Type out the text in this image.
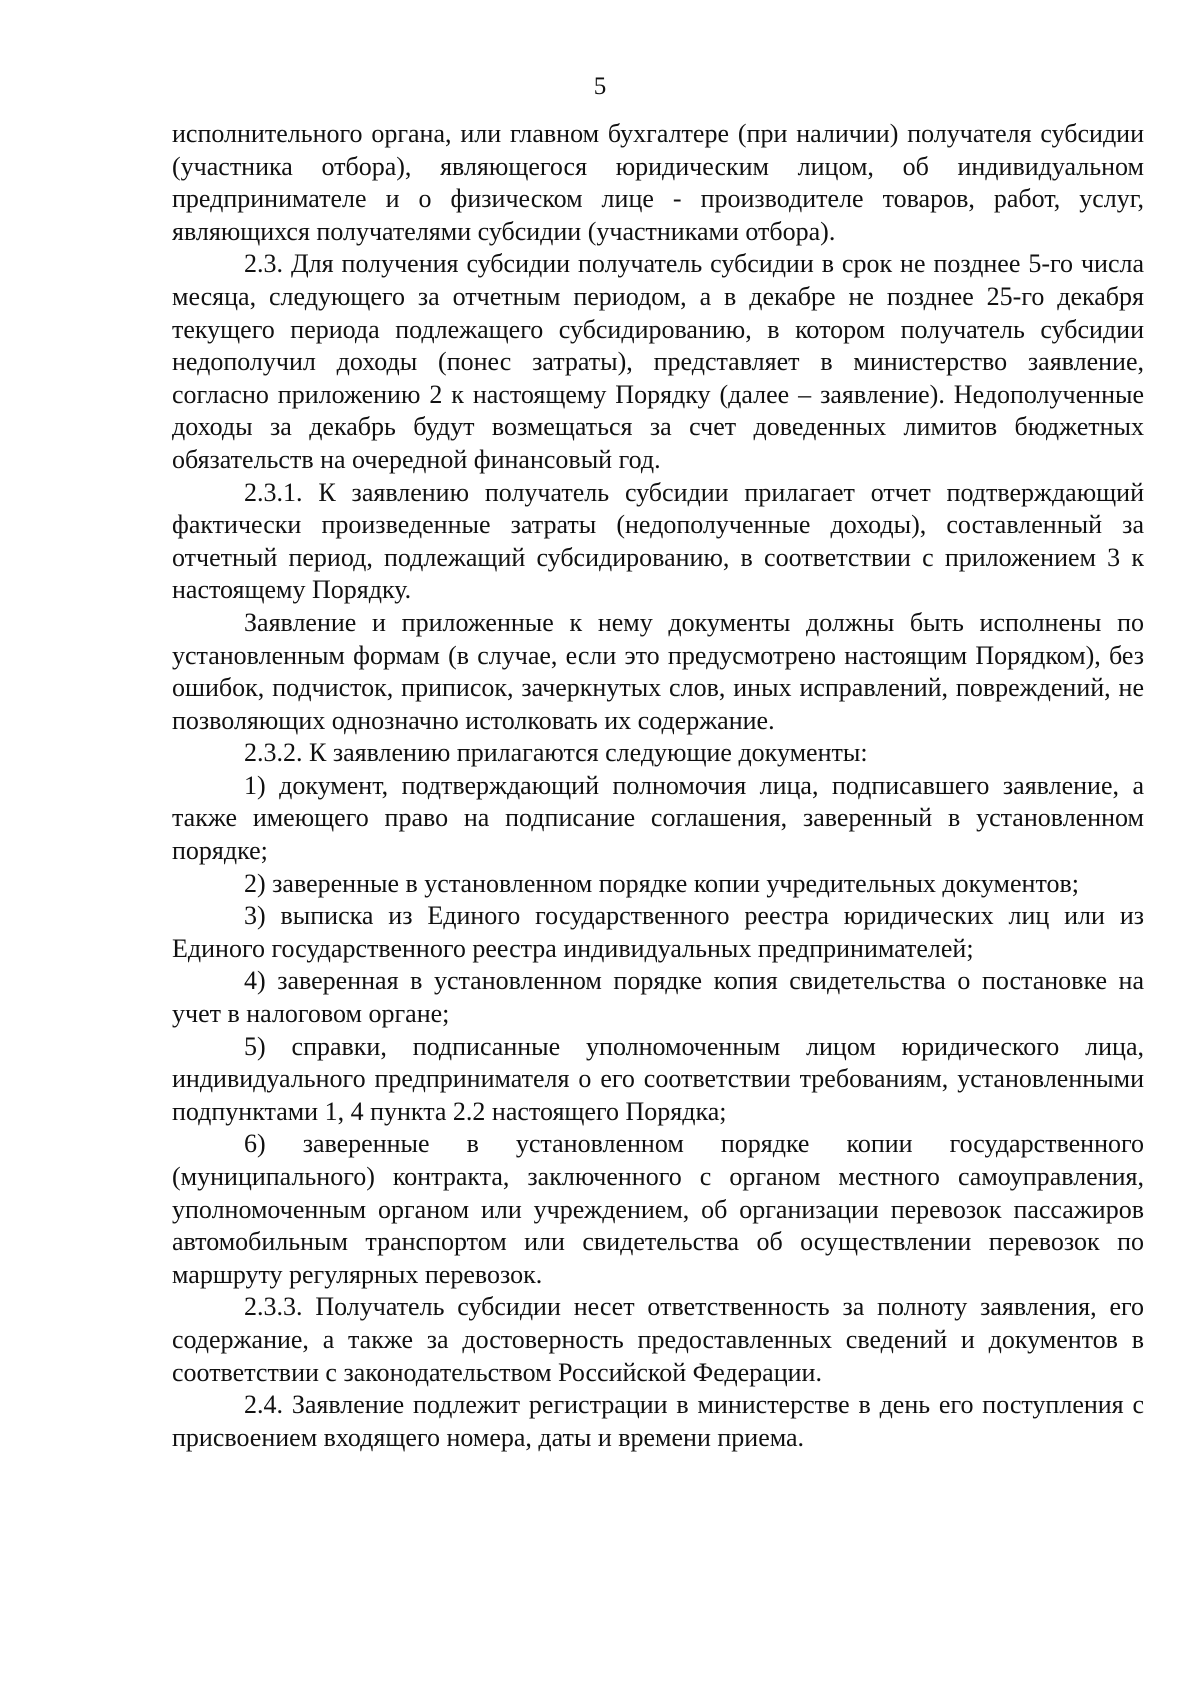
5

исполнительного органа, или главном бухгалтере (при наличии) получателя субсидии (участника отбора), являющегося юридическим лицом, об индивидуальном предпринимателе и о физическом лице - производителе товаров, работ, услуг, являющихся получателями субсидии (участниками отбора).

2.3. Для получения субсидии получатель субсидии в срок не позднее 5-го числа месяца, следующего за отчетным периодом, а в декабре не позднее 25-го декабря текущего периода подлежащего субсидированию, в котором получатель субсидии недополучил доходы (понес затраты), представляет в министерство заявление, согласно приложению 2 к настоящему Порядку (далее – заявление). Недополученные доходы за декабрь будут возмещаться за счет доведенных лимитов бюджетных обязательств на очередной финансовый год.

2.3.1. К заявлению получатель субсидии прилагает отчет подтверждающий фактически произведенные затраты (недополученные доходы), составленный за отчетный период, подлежащий субсидированию, в соответствии с приложением 3 к настоящему Порядку.

Заявление и приложенные к нему документы должны быть исполнены по установленным формам (в случае, если это предусмотрено настоящим Порядком), без ошибок, подчисток, приписок, зачеркнутых слов, иных исправлений, повреждений, не позволяющих однозначно истолковать их содержание.

2.3.2. К заявлению прилагаются следующие документы:

1) документ, подтверждающий полномочия лица, подписавшего заявление, а также имеющего право на подписание соглашения, заверенный в установленном порядке;

2) заверенные в установленном порядке копии учредительных документов;

3) выписка из Единого государственного реестра юридических лиц или из Единого государственного реестра индивидуальных предпринимателей;

4) заверенная в установленном порядке копия свидетельства о постановке на учет в налоговом органе;

5) справки, подписанные уполномоченным лицом юридического лица, индивидуального предпринимателя о его соответствии требованиям, установленными подпунктами 1, 4 пункта 2.2 настоящего Порядка;

6) заверенные в установленном порядке копии государственного (муниципального) контракта, заключенного с органом местного самоуправления, уполномоченным органом или учреждением, об организации перевозок пассажиров автомобильным транспортом или свидетельства об осуществлении перевозок по маршруту регулярных перевозок.

2.3.3. Получатель субсидии несет ответственность за полноту заявления, его содержание, а также за достоверность предоставленных сведений и документов в соответствии с законодательством Российской Федерации.

2.4. Заявление подлежит регистрации в министерстве в день его поступления с присвоением входящего номера, даты и времени приема.
